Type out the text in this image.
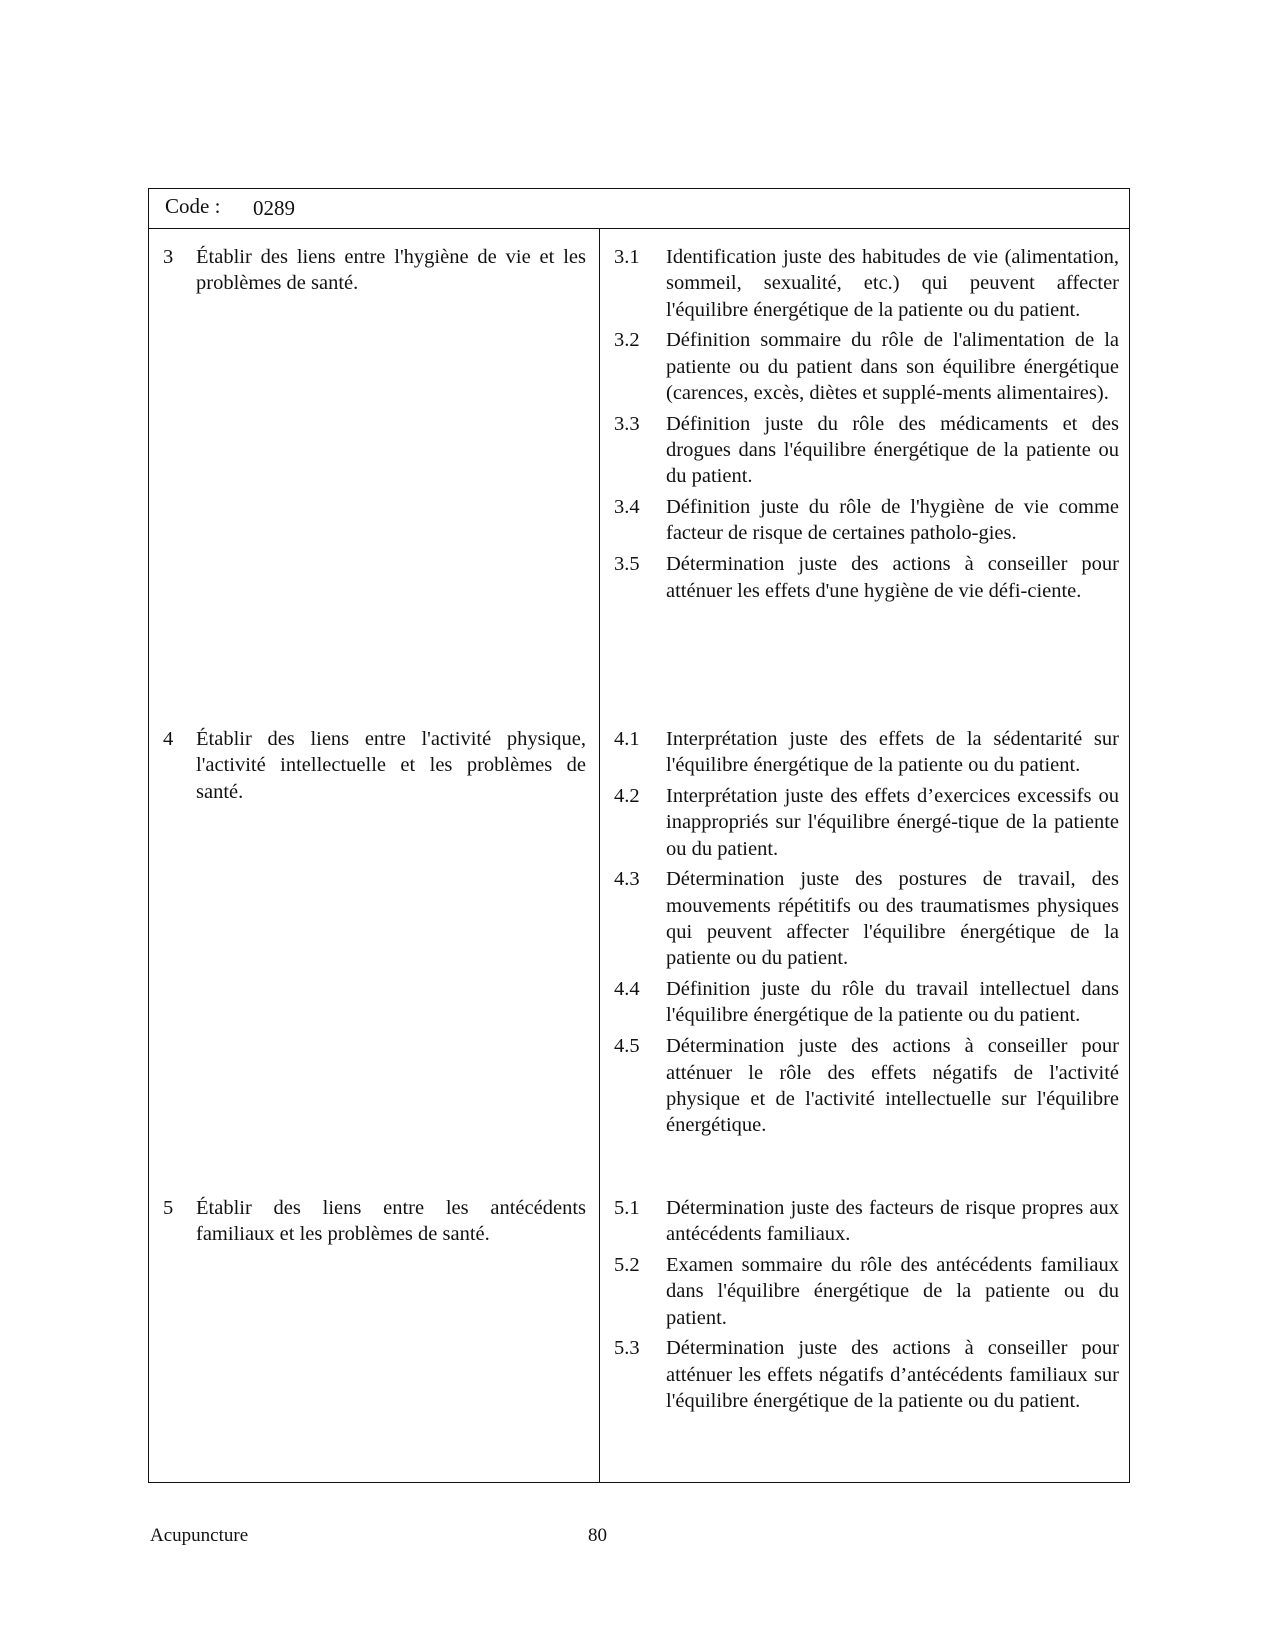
Code : 0289
3 Établir des liens entre l'hygiène de vie et les problèmes de santé.
3.1 Identification juste des habitudes de vie (alimentation, sommeil, sexualité, etc.) qui peuvent affecter l'équilibre énergétique de la patiente ou du patient.
3.2 Définition sommaire du rôle de l'alimentation de la patiente ou du patient dans son équilibre énergétique (carences, excès, diètes et supplé-ments alimentaires).
3.3 Définition juste du rôle des médicaments et des drogues dans l'équilibre énergétique de la patiente ou du patient.
3.4 Définition juste du rôle de l'hygiène de vie comme facteur de risque de certaines patholo-gies.
3.5 Détermination juste des actions à conseiller pour atténuer les effets d'une hygiène de vie défi-ciente.
4 Établir des liens entre l'activité physique, l'activité intellectuelle et les problèmes de santé.
4.1 Interprétation juste des effets de la sédentarité sur l'équilibre énergétique de la patiente ou du patient.
4.2 Interprétation juste des effets d’exercices excessifs ou inappropriés sur l'équilibre énergé-tique de la patiente ou du patient.
4.3 Détermination juste des postures de travail, des mouvements répétitifs ou des traumatismes physiques qui peuvent affecter l'équilibre énergétique de la patiente ou du patient.
4.4 Définition juste du rôle du travail intellectuel dans l'équilibre énergétique de la patiente ou du patient.
4.5 Détermination juste des actions à conseiller pour atténuer le rôle des effets négatifs de l'activité physique et de l'activité intellectuelle sur l'équilibre énergétique.
5 Établir des liens entre les antécédents familiaux et les problèmes de santé.
5.1 Détermination juste des facteurs de risque propres aux antécédents familiaux.
5.2 Examen sommaire du rôle des antécédents familiaux dans l'équilibre énergétique de la patiente ou du patient.
5.3 Détermination juste des actions à conseiller pour atténuer les effets négatifs d’antécédents familiaux sur l'équilibre énergétique de la patiente ou du patient.
Acupuncture	80
